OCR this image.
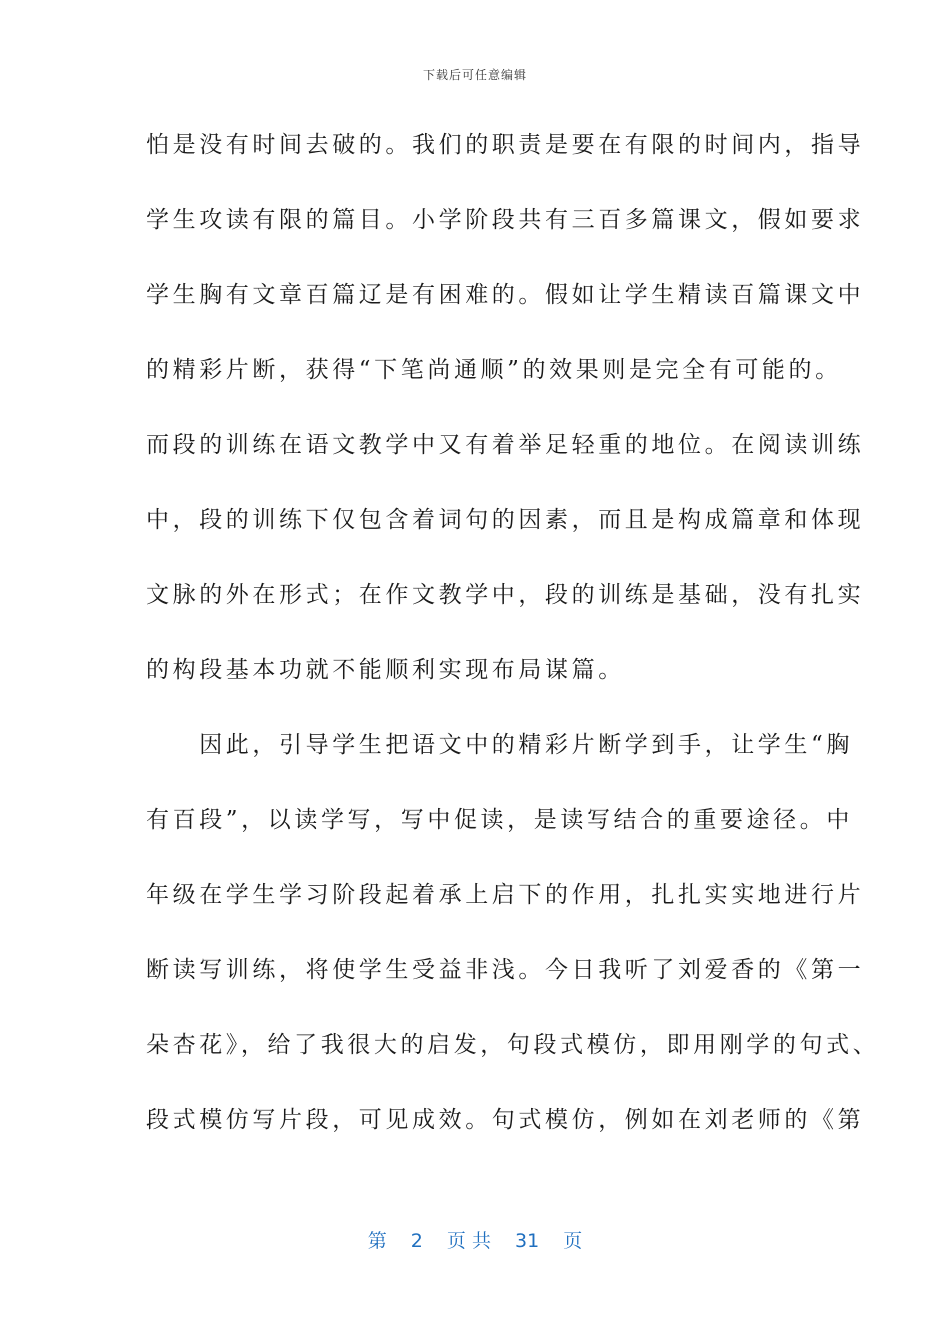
下载后可任意编辑
怕是没有时间去破的。我们的职责是要在有限的时间内，指导
学生攻读有限的篇目。小学阶段共有三百多篇课文，假如要求
学生胸有文章百篇辽是有困难的。假如让学生精读百篇课文中
的精彩片断，获得“下笔尚通顺”的效果则是完全有可能的。
而段的训练在语文教学中又有着举足轻重的地位。在阅读训练
中，段的训练下仅包含着词句的因素，而且是构成篇章和体现
文脉的外在形式；在作文教学中，段的训练是基础，没有扎实
的构段基本功就不能顺利实现布局谋篇。
　　因此，引导学生把语文中的精彩片断学到手，让学生“胸
有百段”，以读学写，写中促读，是读写结合的重要途径。中
年级在学生学习阶段起着承上启下的作用，扎扎实实地进行片
断读写训练，将使学生受益非浅。今日我听了刘爱香的《第一
朵杏花》，给了我很大的启发，句段式模仿，即用刚学的句式、
段式模仿写片段，可见成效。句式模仿，例如在刘老师的《第
第 2 页 共 31 页
